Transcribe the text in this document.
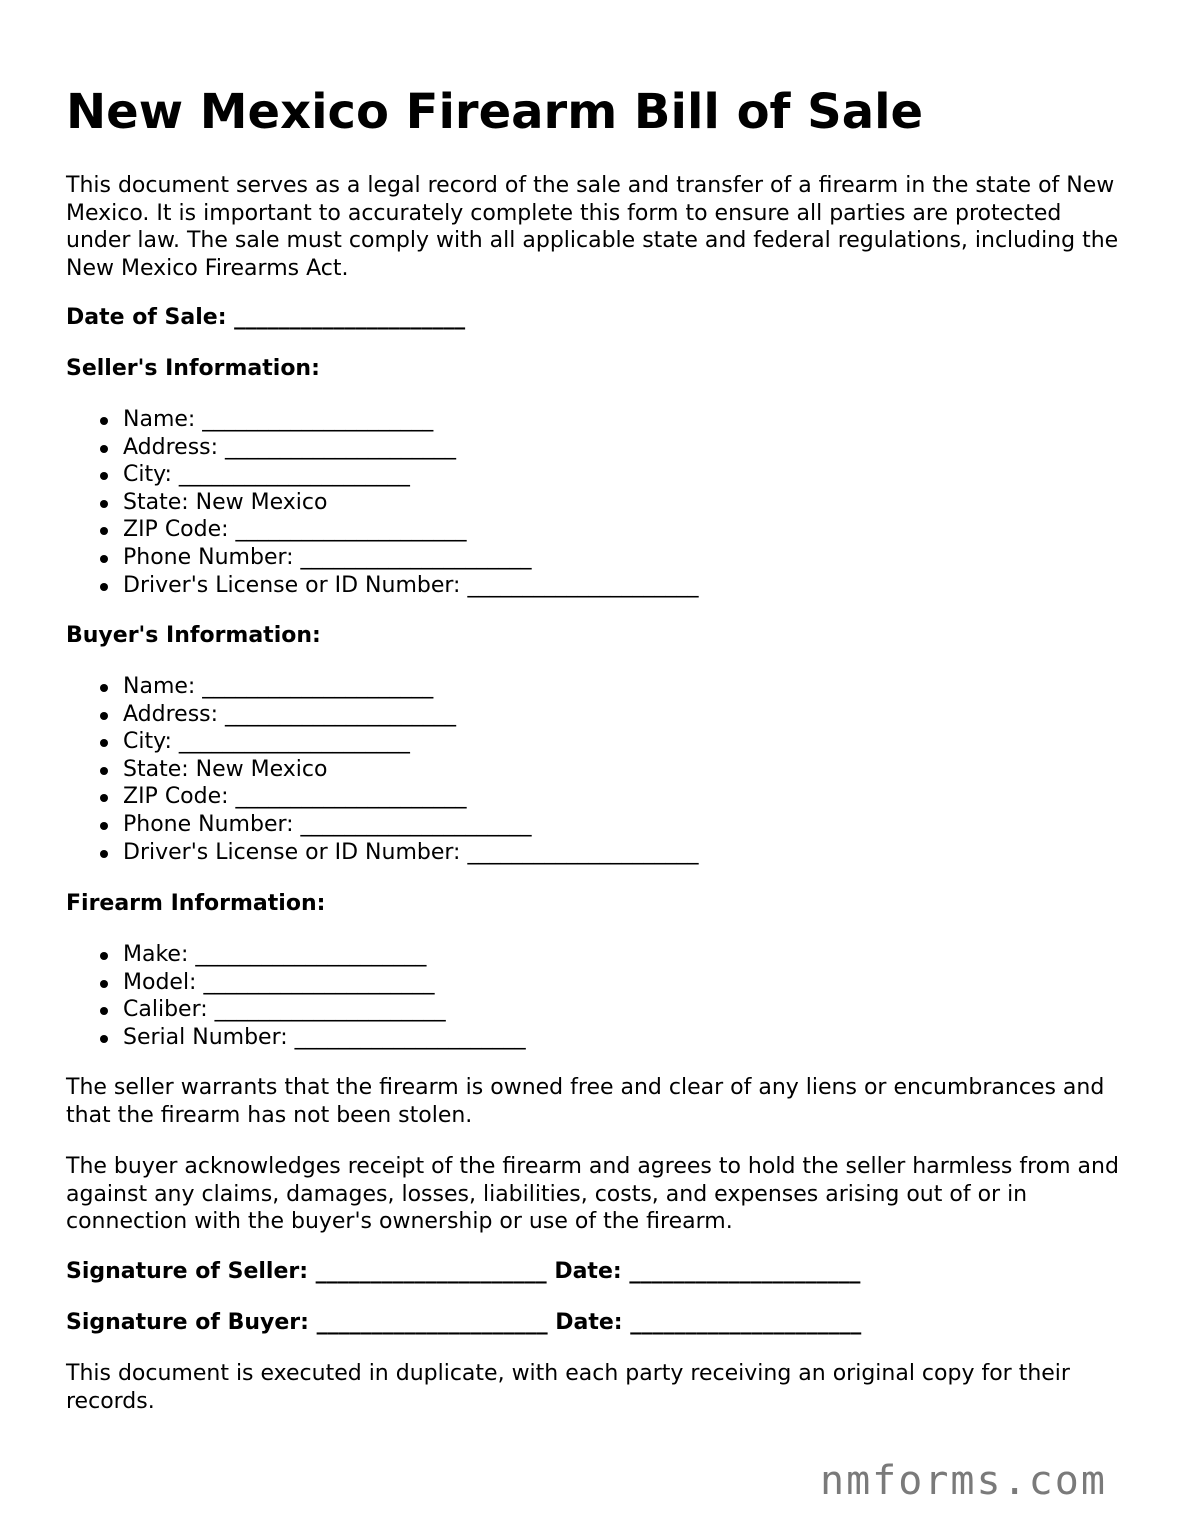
New Mexico Firearm Bill of Sale

This document serves as a legal record of the sale and transfer of a firearm in the state of New Mexico. It is important to accurately complete this form to ensure all parties are protected under law. The sale must comply with all applicable state and federal regulations, including the New Mexico Firearms Act.

Date of Sale: _____________________

Seller's Information:

Name: _____________________
Address: _____________________
City: _____________________
State: New Mexico
ZIP Code: _____________________
Phone Number: _____________________
Driver's License or ID Number: _____________________

Buyer's Information:

Name: _____________________
Address: _____________________
City: _____________________
State: New Mexico
ZIP Code: _____________________
Phone Number: _____________________
Driver's License or ID Number: _____________________

Firearm Information:

Make: _____________________
Model: _____________________
Caliber: _____________________
Serial Number: _____________________

The seller warrants that the firearm is owned free and clear of any liens or encumbrances and that the firearm has not been stolen.

The buyer acknowledges receipt of the firearm and agrees to hold the seller harmless from and against any claims, damages, losses, liabilities, costs, and expenses arising out of or in connection with the buyer's ownership or use of the firearm.

Signature of Seller: _____________________ Date: _____________________

Signature of Buyer: _____________________ Date: _____________________

This document is executed in duplicate, with each party receiving an original copy for their records.

nmforms.com
